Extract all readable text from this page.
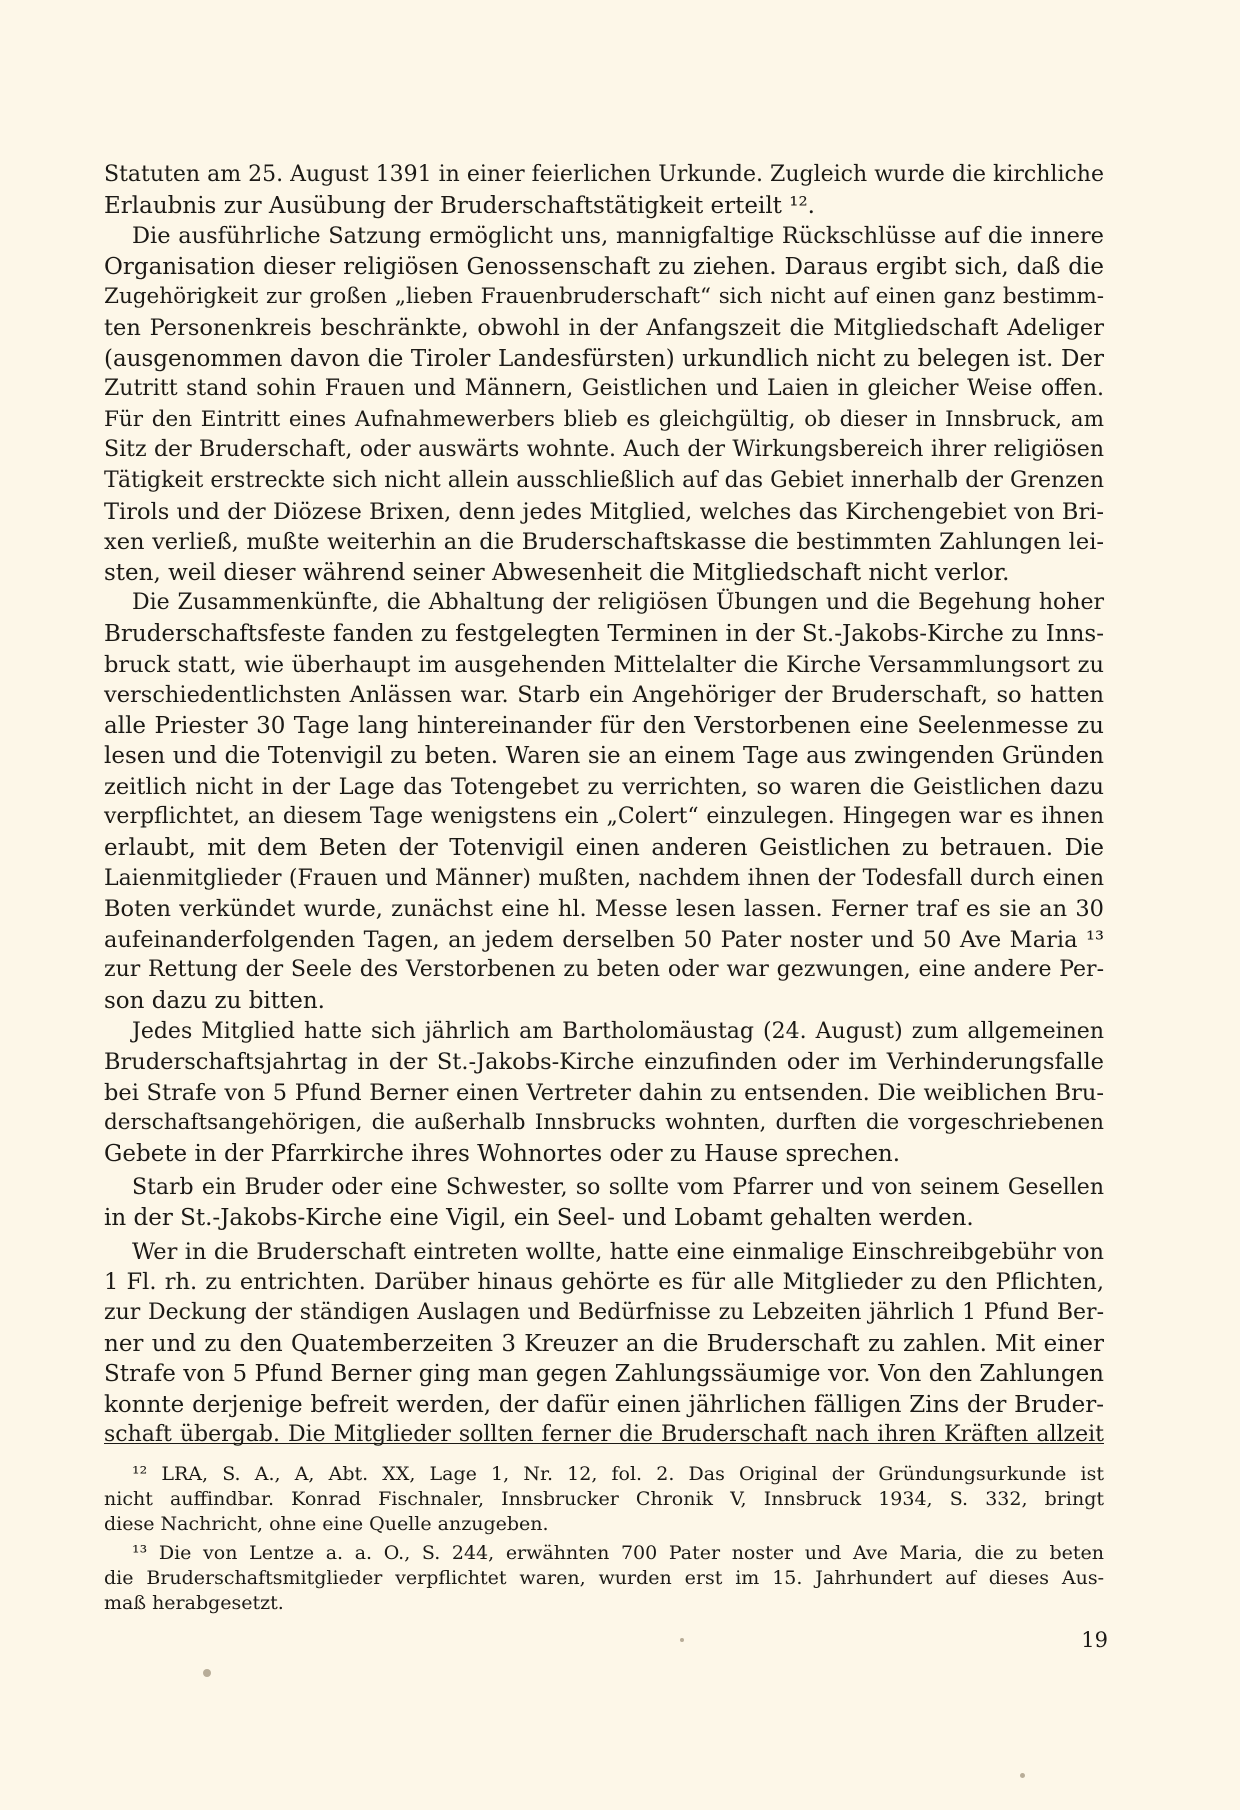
Statuten am 25. August 1391 in einer feierlichen Urkunde. Zugleich wurde die kirchliche
Erlaubnis zur Ausübung der Bruderschaftstätigkeit erteilt ¹².

Die ausführliche Satzung ermöglicht uns, mannigfaltige Rückschlüsse auf die innere
Organisation dieser religiösen Genossenschaft zu ziehen. Daraus ergibt sich, daß die
Zugehörigkeit zur großen „lieben Frauenbruderschaft“ sich nicht auf einen ganz bestimm-
ten Personenkreis beschränkte, obwohl in der Anfangszeit die Mitgliedschaft Adeliger
(ausgenommen davon die Tiroler Landesfürsten) urkundlich nicht zu belegen ist. Der
Zutritt stand sohin Frauen und Männern, Geistlichen und Laien in gleicher Weise offen.
Für den Eintritt eines Aufnahmewerbers blieb es gleichgültig, ob dieser in Innsbruck, am
Sitz der Bruderschaft, oder auswärts wohnte. Auch der Wirkungsbereich ihrer religiösen
Tätigkeit erstreckte sich nicht allein ausschließlich auf das Gebiet innerhalb der Grenzen
Tirols und der Diözese Brixen, denn jedes Mitglied, welches das Kirchengebiet von Bri-
xen verließ, mußte weiterhin an die Bruderschaftskasse die bestimmten Zahlungen lei-
sten, weil dieser während seiner Abwesenheit die Mitgliedschaft nicht verlor.

Die Zusammenkünfte, die Abhaltung der religiösen Übungen und die Begehung hoher
Bruderschaftsfeste fanden zu festgelegten Terminen in der St.-Jakobs-Kirche zu Inns-
bruck statt, wie überhaupt im ausgehenden Mittelalter die Kirche Versammlungsort zu
verschiedentlichsten Anlässen war. Starb ein Angehöriger der Bruderschaft, so hatten
alle Priester 30 Tage lang hintereinander für den Verstorbenen eine Seelenmesse zu
lesen und die Totenvigil zu beten. Waren sie an einem Tage aus zwingenden Gründen
zeitlich nicht in der Lage das Totengebet zu verrichten, so waren die Geistlichen dazu
verpflichtet, an diesem Tage wenigstens ein „Colert“ einzulegen. Hingegen war es ihnen
erlaubt, mit dem Beten der Totenvigil einen anderen Geistlichen zu betrauen. Die
Laienmitglieder (Frauen und Männer) mußten, nachdem ihnen der Todesfall durch einen
Boten verkündet wurde, zunächst eine hl. Messe lesen lassen. Ferner traf es sie an 30
aufeinanderfolgenden Tagen, an jedem derselben 50 Pater noster und 50 Ave Maria ¹³
zur Rettung der Seele des Verstorbenen zu beten oder war gezwungen, eine andere Per-
son dazu zu bitten.

Jedes Mitglied hatte sich jährlich am Bartholomäustag (24. August) zum allgemeinen
Bruderschaftsjahrtag in der St.-Jakobs-Kirche einzufinden oder im Verhinderungsfalle
bei Strafe von 5 Pfund Berner einen Vertreter dahin zu entsenden. Die weiblichen Bru-
derschaftsangehörigen, die außerhalb Innsbrucks wohnten, durften die vorgeschriebenen
Gebete in der Pfarrkirche ihres Wohnortes oder zu Hause sprechen.

Starb ein Bruder oder eine Schwester, so sollte vom Pfarrer und von seinem Gesellen
in der St.-Jakobs-Kirche eine Vigil, ein Seel- und Lobamt gehalten werden.

Wer in die Bruderschaft eintreten wollte, hatte eine einmalige Einschreibgebühr von
1 Fl. rh. zu entrichten. Darüber hinaus gehörte es für alle Mitglieder zu den Pflichten,
zur Deckung der ständigen Auslagen und Bedürfnisse zu Lebzeiten jährlich 1 Pfund Ber-
ner und zu den Quatemberzeiten 3 Kreuzer an die Bruderschaft zu zahlen. Mit einer
Strafe von 5 Pfund Berner ging man gegen Zahlungssäumige vor. Von den Zahlungen
konnte derjenige befreit werden, der dafür einen jährlichen fälligen Zins der Bruder-
schaft übergab. Die Mitglieder sollten ferner die Bruderschaft nach ihren Kräften allzeit

¹² LRA, S. A., A, Abt. XX, Lage 1, Nr. 12, fol. 2. Das Original der Gründungsurkunde ist
nicht auffindbar. Konrad Fischnaler, Innsbrucker Chronik V, Innsbruck 1934, S. 332, bringt
diese Nachricht, ohne eine Quelle anzugeben.
¹³ Die von Lentze a. a. O., S. 244, erwähnten 700 Pater noster und Ave Maria, die zu beten
die Bruderschaftsmitglieder verpflichtet waren, wurden erst im 15. Jahrhundert auf dieses Aus-
maß herabgesetzt.
19
